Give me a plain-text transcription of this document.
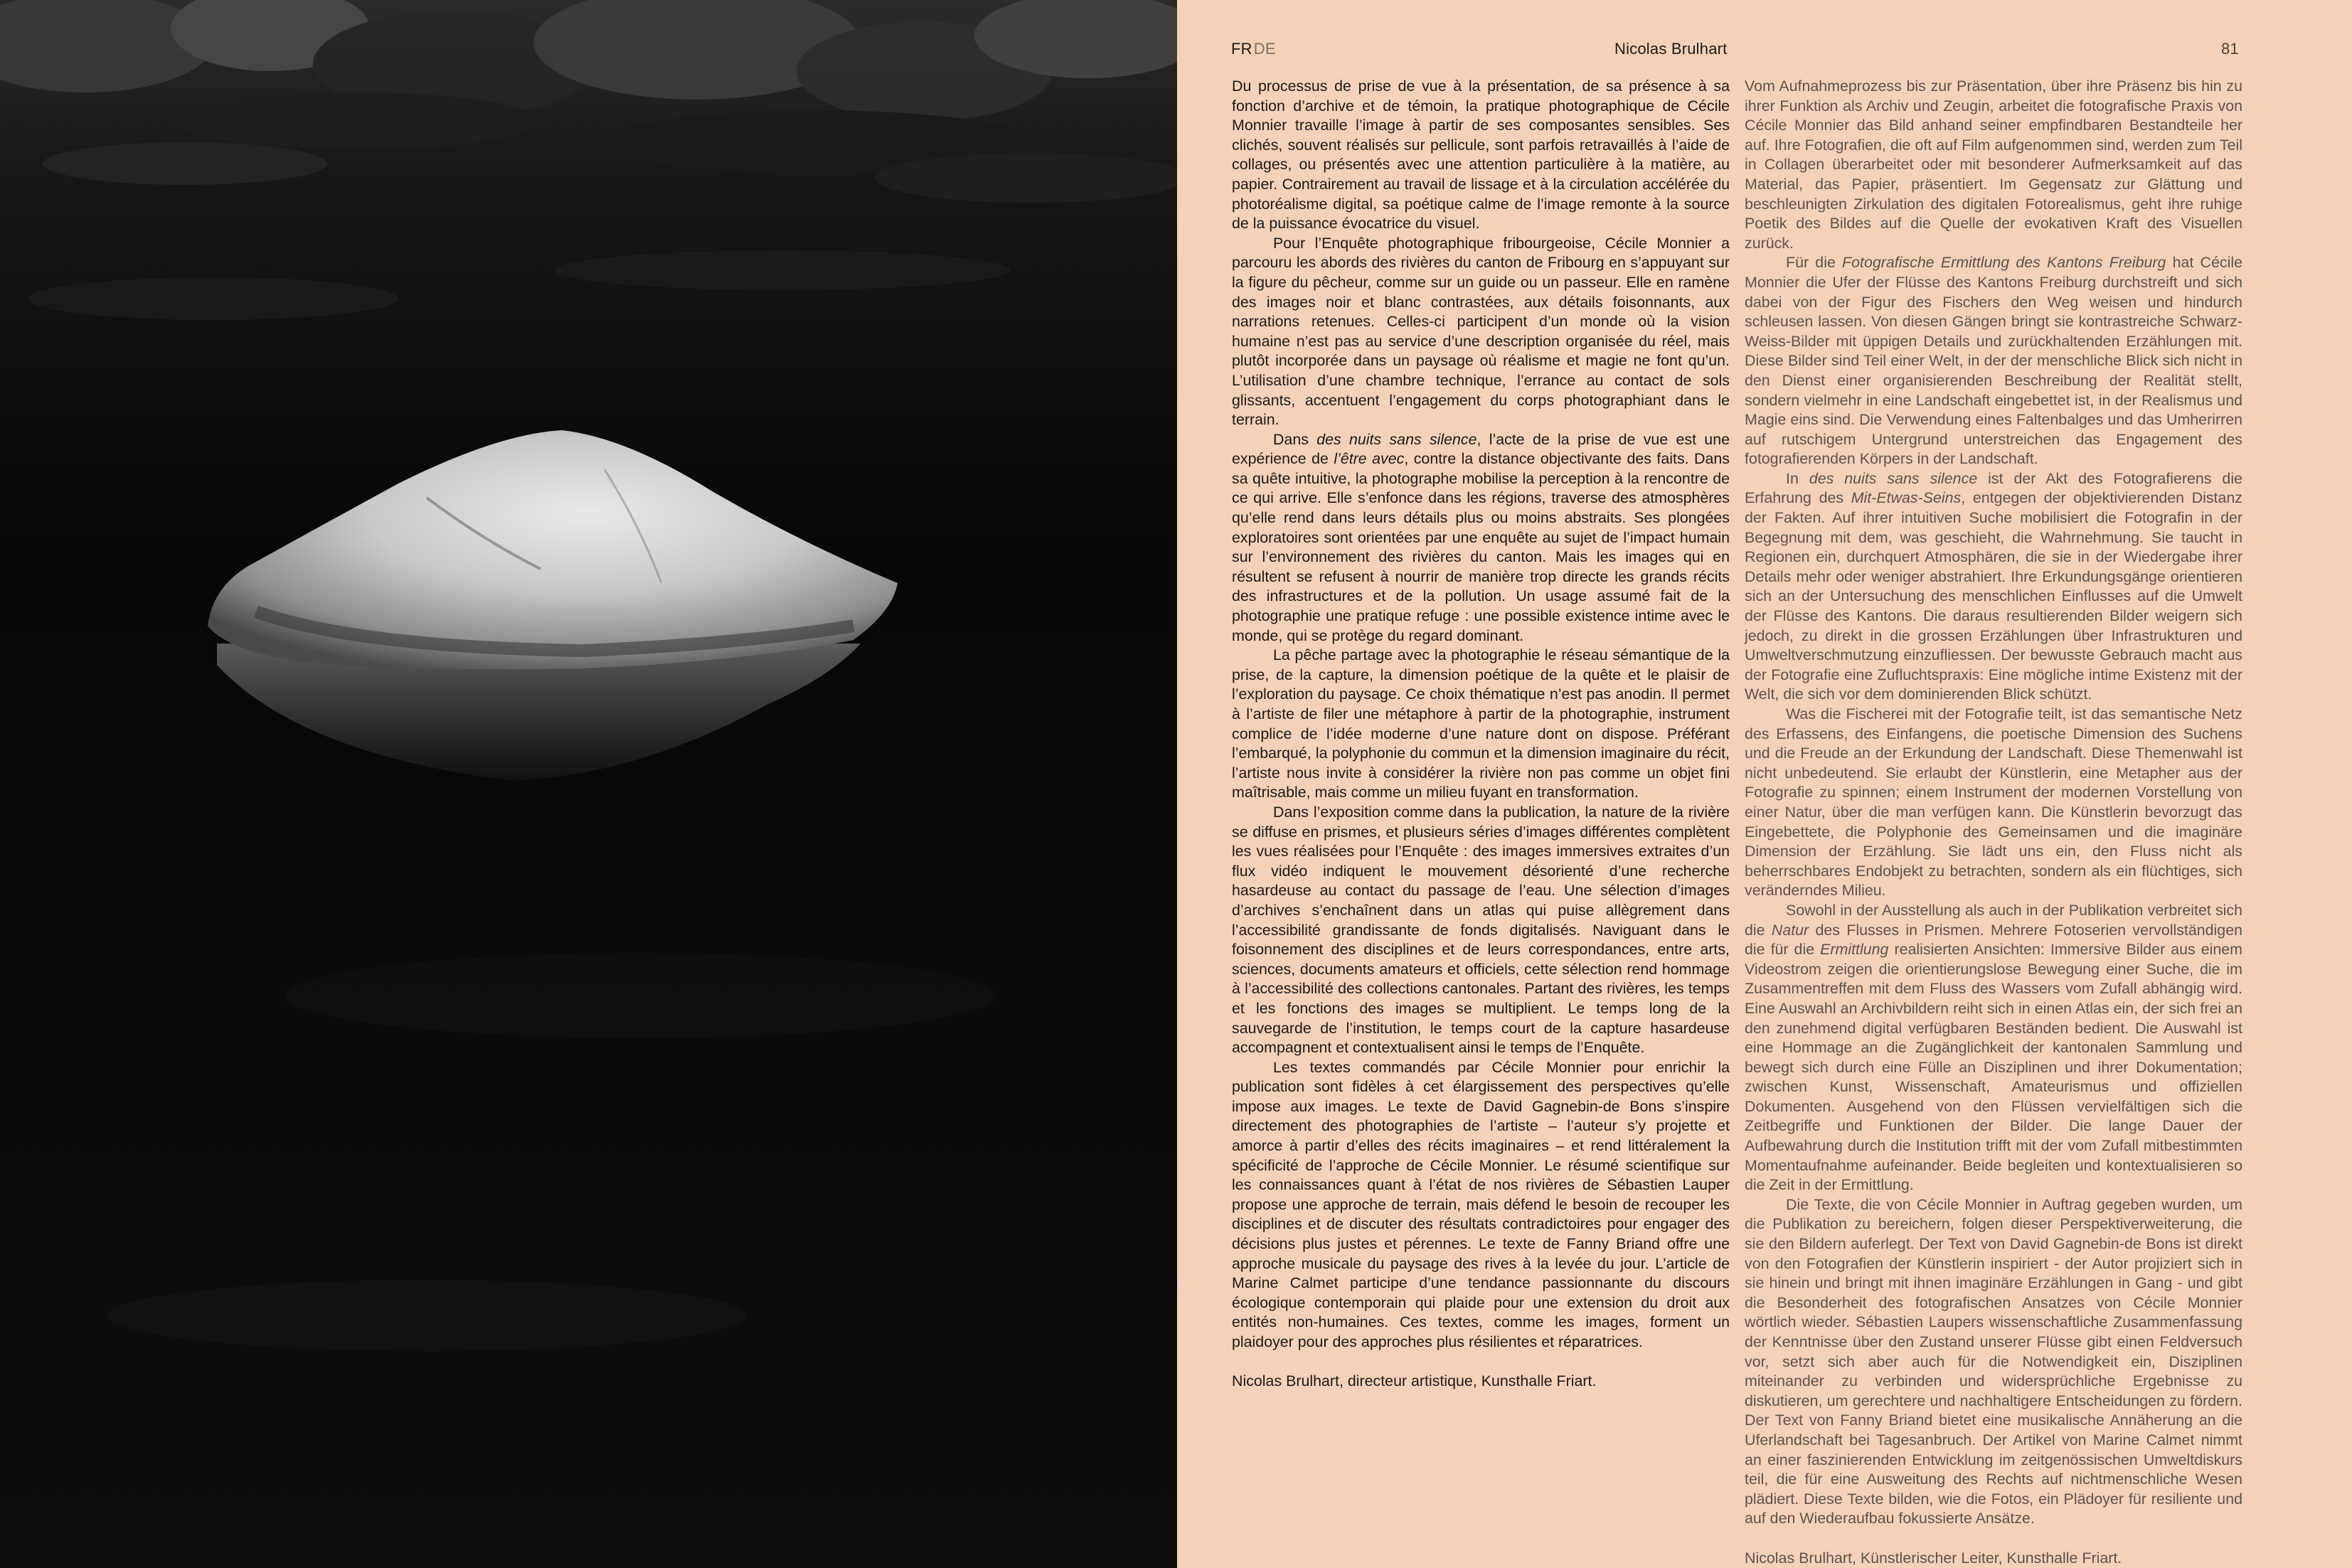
FRDE	Nicolas Brulhart	81

Du processus de prise de vue à la présentation, de sa présence à sa fonction d’archive et de témoin, la pratique photographique de Cécile Monnier travaille l’image à partir de ses composantes sensibles. Ses clichés, souvent réalisés sur pellicule, sont parfois retravaillés à l’aide de collages, ou présentés avec une attention particulière à la matière, au papier. Contrairement au travail de lissage et à la circulation accélérée du photoréalisme digital, sa poétique calme de l’image remonte à la source de la puissance évocatrice du visuel.

Pour l’Enquête photographique fribourgeoise, Cécile Monnier a parcouru les abords des rivières du canton de Fribourg en s’appuyant sur la figure du pêcheur, comme sur un guide ou un passeur. Elle en ramène des images noir et blanc contrastées, aux détails foisonnants, aux narrations retenues. Celles-ci participent d’un monde où la vision humaine n’est pas au service d’une description organisée du réel, mais plutôt incorporée dans un paysage où réalisme et magie ne font qu’un. L’utilisation d’une chambre technique, l’errance au contact de sols glissants, accentuent l’engagement du corps photographiant dans le terrain.

Dans des nuits sans silence, l’acte de la prise de vue est une expérience de l’être avec, contre la distance objectivante des faits. Dans sa quête intuitive, la photographe mobilise la perception à la rencontre de ce qui arrive. Elle s’enfonce dans les régions, traverse des atmosphères qu’elle rend dans leurs détails plus ou moins abstraits. Ses plongées exploratoires sont orientées par une enquête au sujet de l’impact humain sur l’environnement des rivières du canton. Mais les images qui en résultent se refusent à nourrir de manière trop directe les grands récits des infrastructures et de la pollution. Un usage assumé fait de la photographie une pratique refuge : une possible existence intime avec le monde, qui se protège du regard dominant.

La pêche partage avec la photographie le réseau sémantique de la prise, de la capture, la dimension poétique de la quête et le plaisir de l’exploration du paysage. Ce choix thématique n’est pas anodin. Il permet à l’artiste de filer une métaphore à partir de la photographie, instrument complice de l’idée moderne d’une nature dont on dispose. Préférant l’embarqué, la polyphonie du commun et la dimension imaginaire du récit, l’artiste nous invite à considérer la rivière non pas comme un objet fini maîtrisable, mais comme un milieu fuyant en transformation.

Dans l’exposition comme dans la publication, la nature de la rivière se diffuse en prismes, et plusieurs séries d’images différentes complètent les vues réalisées pour l’Enquête : des images immersives extraites d’un flux vidéo indiquent le mouvement désorienté d’une recherche hasardeuse au contact du passage de l’eau. Une sélection d’images d’archives s’enchaînent dans un atlas qui puise allègrement dans l’accessibilité grandissante de fonds digitalisés. Naviguant dans le foisonnement des disciplines et de leurs correspondances, entre arts, sciences, documents amateurs et officiels, cette sélection rend hommage à l’accessibilité des collections cantonales. Partant des rivières, les temps et les fonctions des images se multiplient. Le temps long de la sauvegarde de l’institution, le temps court de la capture hasardeuse accompagnent et contextualisent ainsi le temps de l’Enquête.

Les textes commandés par Cécile Monnier pour enrichir la publication sont fidèles à cet élargissement des perspectives qu’elle impose aux images. Le texte de David Gagnebin-de Bons s’inspire directement des photographies de l’artiste – l’auteur s’y projette et amorce à partir d’elles des récits imaginaires – et rend littéralement la spécificité de l’approche de Cécile Monnier. Le résumé scientifique sur les connaissances quant à l’état de nos rivières de Sébastien Lauper propose une approche de terrain, mais défend le besoin de recouper les disciplines et de discuter des résultats contradictoires pour engager des décisions plus justes et pérennes. Le texte de Fanny Briand offre une approche musicale du paysage des rives à la levée du jour. L’article de Marine Calmet participe d’une tendance passionnante du discours écologique contemporain qui plaide pour une extension du droit aux entités non-humaines. Ces textes, comme les images, forment un plaidoyer pour des approches plus résilientes et réparatrices.

Nicolas Brulhart, directeur artistique, Kunsthalle Friart.

Vom Aufnahmeprozess bis zur Präsentation, über ihre Präsenz bis hin zu ihrer Funktion als Archiv und Zeugin, arbeitet die fotografische Praxis von Cécile Monnier das Bild anhand seiner empfindbaren Bestandteile her auf. Ihre Fotografien, die oft auf Film aufgenommen sind, werden zum Teil in Collagen überarbeitet oder mit besonderer Aufmerksamkeit auf das Material, das Papier, präsentiert. Im Gegensatz zur Glättung und beschleunigten Zirkulation des digitalen Fotorealismus, geht ihre ruhige Poetik des Bildes auf die Quelle der evokativen Kraft des Visuellen zurück.

Für die Fotografische Ermittlung des Kantons Freiburg hat Cécile Monnier die Ufer der Flüsse des Kantons Freiburg durchstreift und sich dabei von der Figur des Fischers den Weg weisen und hindurch schleusen lassen. Von diesen Gängen bringt sie kontrastreiche Schwarz-Weiss-Bilder mit üppigen Details und zurückhaltenden Erzählungen mit. Diese Bilder sind Teil einer Welt, in der der menschliche Blick sich nicht in den Dienst einer organisierenden Beschreibung der Realität stellt, sondern vielmehr in eine Landschaft eingebettet ist, in der Realismus und Magie eins sind. Die Verwendung eines Faltenbalges und das Umherirren auf rutschigem Untergrund unterstreichen das Engagement des fotografierenden Körpers in der Landschaft.

In des nuits sans silence ist der Akt des Fotografierens die Erfahrung des Mit-Etwas-Seins, entgegen der objektivierenden Distanz der Fakten. Auf ihrer intuitiven Suche mobilisiert die Fotografin in der Begegnung mit dem, was geschieht, die Wahrnehmung. Sie taucht in Regionen ein, durchquert Atmosphären, die sie in der Wiedergabe ihrer Details mehr oder weniger abstrahiert. Ihre Erkundungsgänge orientieren sich an der Untersuchung des menschlichen Einflusses auf die Umwelt der Flüsse des Kantons. Die daraus resultierenden Bilder weigern sich jedoch, zu direkt in die grossen Erzählungen über Infrastrukturen und Umweltverschmutzung einzufliessen. Der bewusste Gebrauch macht aus der Fotografie eine Zufluchtspraxis: Eine mögliche intime Existenz mit der Welt, die sich vor dem dominierenden Blick schützt.

Was die Fischerei mit der Fotografie teilt, ist das semantische Netz des Erfassens, des Einfangens, die poetische Dimension des Suchens und die Freude an der Erkundung der Landschaft. Diese Themenwahl ist nicht unbedeutend. Sie erlaubt der Künstlerin, eine Metapher aus der Fotografie zu spinnen; einem Instrument der modernen Vorstellung von einer Natur, über die man verfügen kann. Die Künstlerin bevorzugt das Eingebettete, die Polyphonie des Gemeinsamen und die imaginäre Dimension der Erzählung. Sie lädt uns ein, den Fluss nicht als beherrschbares Endobjekt zu betrachten, sondern als ein flüchtiges, sich veränderndes Milieu.

Sowohl in der Ausstellung als auch in der Publikation verbreitet sich die Natur des Flusses in Prismen. Mehrere Fotoserien vervollständigen die für die Ermittlung realisierten Ansichten: Immersive Bilder aus einem Videostrom zeigen die orientierungslose Bewegung einer Suche, die im Zusammentreffen mit dem Fluss des Wassers vom Zufall abhängig wird. Eine Auswahl an Archivbildern reiht sich in einen Atlas ein, der sich frei an den zunehmend digital verfügbaren Beständen bedient. Die Auswahl ist eine Hommage an die Zugänglichkeit der kantonalen Sammlung und bewegt sich durch eine Fülle an Disziplinen und ihrer Dokumentation; zwischen Kunst, Wissenschaft, Amateurismus und offiziellen Dokumenten. Ausgehend von den Flüssen vervielfältigen sich die Zeitbegriffe und Funktionen der Bilder. Die lange Dauer der Aufbewahrung durch die Institution trifft mit der vom Zufall mitbestimmten Momentaufnahme aufeinander. Beide begleiten und kontextualisieren so die Zeit in der Ermittlung.

Die Texte, die von Cécile Monnier in Auftrag gegeben wurden, um die Publikation zu bereichern, folgen dieser Perspektiverweiterung, die sie den Bildern auferlegt. Der Text von David Gagnebin-de Bons ist direkt von den Fotografien der Künstlerin inspiriert - der Autor projiziert sich in sie hinein und bringt mit ihnen imaginäre Erzählungen in Gang - und gibt die Besonderheit des fotografischen Ansatzes von Cécile Monnier wörtlich wieder. Sébastien Laupers wissenschaftliche Zusammenfassung der Kenntnisse über den Zustand unserer Flüsse gibt einen Feldversuch vor, setzt sich aber auch für die Notwendigkeit ein, Disziplinen miteinander zu verbinden und widersprüchliche Ergebnisse zu diskutieren, um gerechtere und nachhaltigere Entscheidungen zu fördern. Der Text von Fanny Briand bietet eine musikalische Annäherung an die Uferlandschaft bei Tagesanbruch. Der Artikel von Marine Calmet nimmt an einer faszinierenden Entwicklung im zeitgenössischen Umweltdiskurs teil, die für eine Ausweitung des Rechts auf nichtmenschliche Wesen plädiert. Diese Texte bilden, wie die Fotos, ein Plädoyer für resiliente und auf den Wiederaufbau fokussierte Ansätze.

Nicolas Brulhart, Künstlerischer Leiter, Kunsthalle Friart.
